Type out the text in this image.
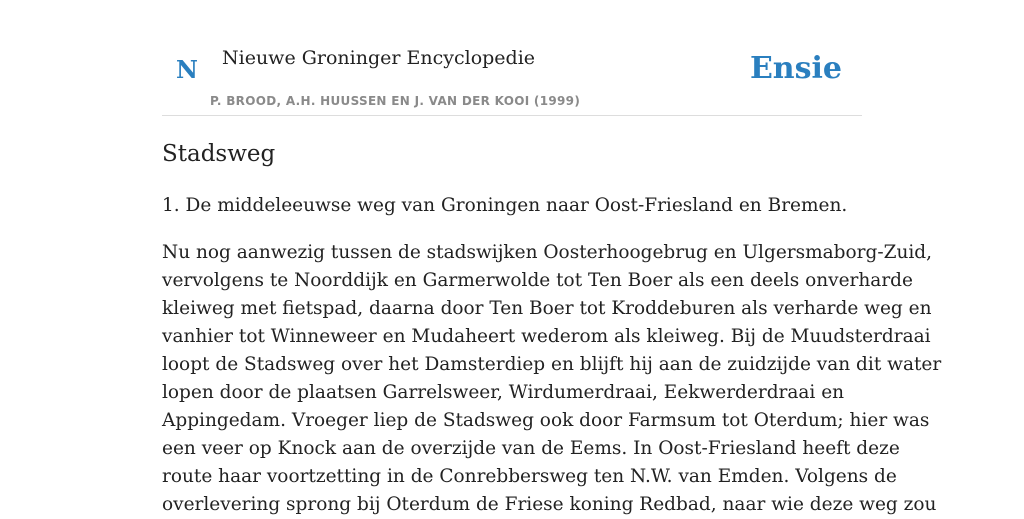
N Nieuwe Groninger Encyclopedie
P. BROOD, A.H. HUUSSEN EN J. VAN DER KOOI (1999)
Ensie
Stadsweg

1. De middeleeuwse weg van Groningen naar Oost-Friesland en Bremen.

Nu nog aanwezig tussen de stadswijken Oosterhoogebrug en Ulgersmaborg-Zuid,
vervolgens te Noorddijk en Garmerwolde tot Ten Boer als een deels onverharde
kleiweg met fietspad, daarna door Ten Boer tot Kroddeburen als verharde weg en
vanhier tot Winneweer en Mudaheert wederom als kleiweg. Bij de Muudsterdraai
loopt de Stadsweg over het Damsterdiep en blijft hij aan de zuidzijde van dit water
lopen door de plaatsen Garrelsweer, Wirdumerdraai, Eekwerderdraai en
Appingedam. Vroeger liep de Stadsweg ook door Farmsum tot Oterdum; hier was
een veer op Knock aan de overzijde van de Eems. In Oost-Friesland heeft deze
route haar voortzetting in de Conrebbersweg ten N.W. van Emden. Volgens de
overlevering sprong bij Oterdum de Friese koning Redbad, naar wie deze weg zou
